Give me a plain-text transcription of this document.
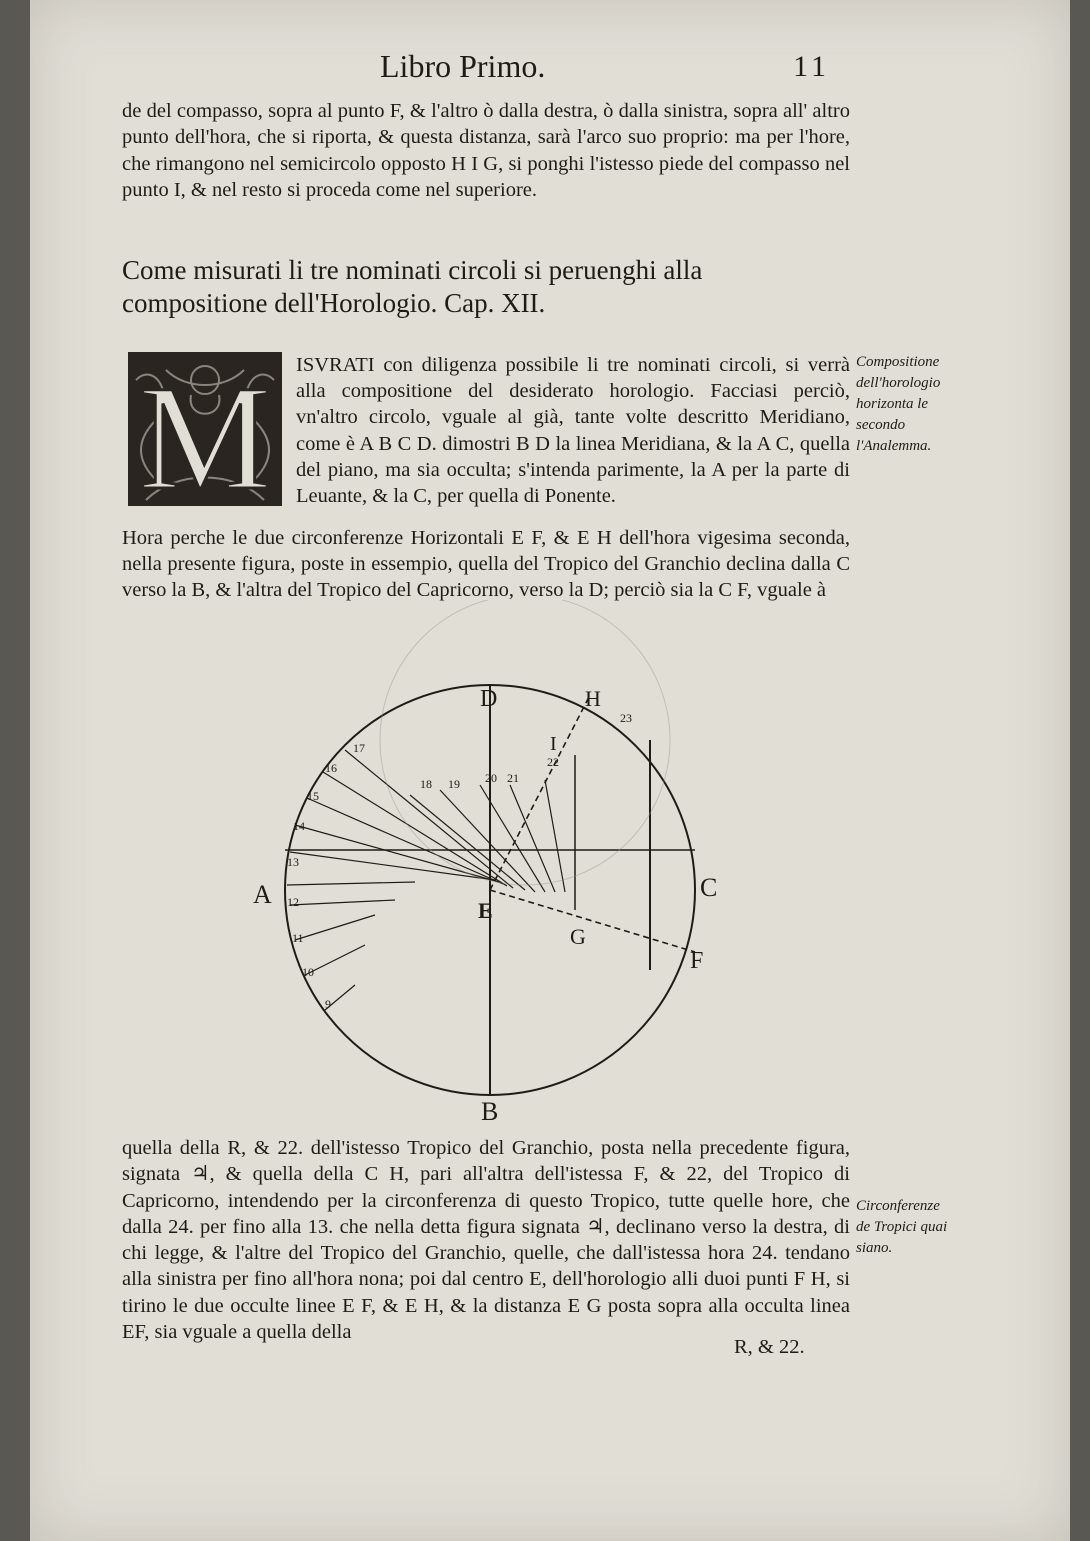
Libro Primo.	11

de del compasso, sopra al punto F, & l'altro ò dalla destra, ò dalla sinistra, sopra all' altro punto dell'hora, che si riporta, & questa distanza, sarà l'arco suo proprio: ma per l'hore, che rimangono nel semicircolo opposto H I G, si ponghi l'istesso piede del compasso nel punto I, & nel resto si proceda come nel superiore.

Come misurati li tre nominati circoli si peruenghi alla compositione dell'Horologio. Cap. XII.
M ISVRATI con diligenza possibile li tre nominati circoli, si verrà alla compositione del desiderato horologio. Facciasi perciò, vn'altro circolo, vguale al già, tante volte descritto Meridiano, come è A B C D. dimostri B D la linea Meridiana, & la A C, quella del piano, ma sia occulta; s'intenda parimente, la A per la parte di Leuante, & la C, per quella di Ponente.

Hora perche le due circonferenze Horizontali E F, & E H dell'hora vigesima seconda, nella presente figura, poste in essempio, quella del Tropico del Granchio declina dalla C verso la B, & l'altra del Tropico del Capricorno, verso la D; perciò sia la C F, vguale à

Compositione dell'horologio horizonta le secondo l'Analemma.

Circonferenze de Tropici quai siano.

A
B
C
D
E
F
G
H
I
9
10
11
12
13
14
15
16
17
18 19 20 21
22
23

quella della R, & 22. dell'istesso Tropico del Granchio, posta nella precedente figura, signata ♃, & quella della C H, pari all'altra dell'istessa F, & 22, del Tropico di Capricorno, intendendo per la circonferenza di questo Tropico, tutte quelle hore, che dalla 24. per fino alla 13. che nella detta figura signata ♃, declinano verso la destra, di chi legge, & l'altre del Tropico del Granchio, quelle, che dall'istessa hora 24. tendano alla sinistra per fino all'hora nona; poi dal centro E, dell'horologio alli duoi punti F H, si tirino le due occulte linee E F, & E H, & la distanza E G posta sopra alla occulta linea EF, sia vguale a quella della

R, & 22.
